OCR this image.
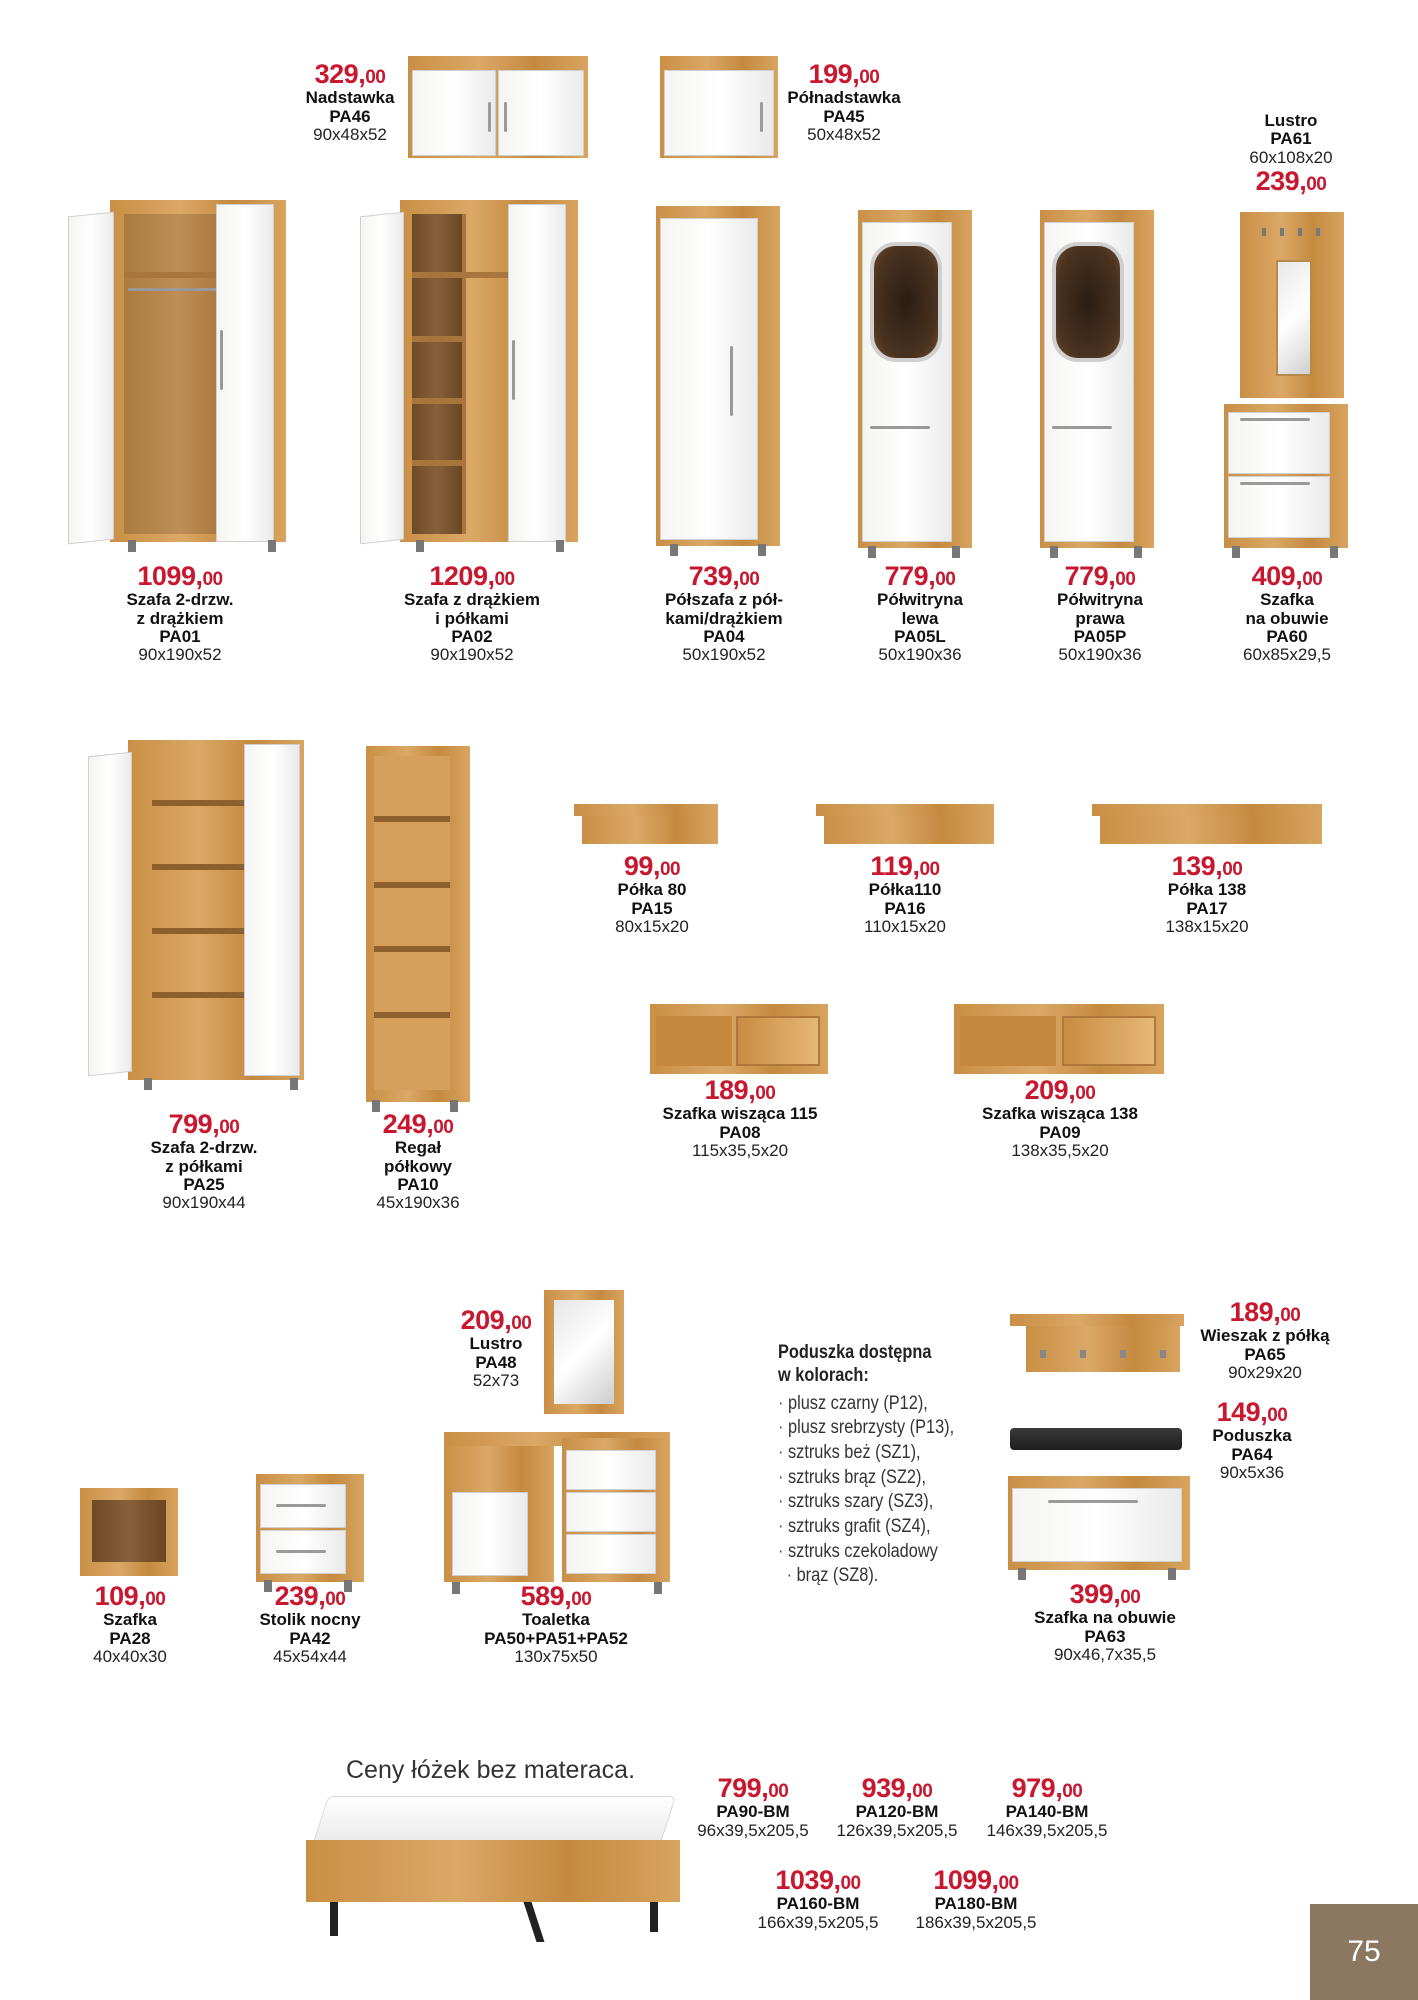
329,00
Nadstawka
PA46
90x48x52
199,00
Półnadstawka
PA45
50x48x52
Lustro
PA61
60x108x20
239,00
1099,00
Szafa 2-drzw.
z drążkiem
PA01
90x190x52
1209,00
Szafa z drążkiem
i półkami
PA02
90x190x52
739,00
Półszafa z pół-
kami/drążkiem
PA04
50x190x52
779,00
Półwitryna
lewa
PA05L
50x190x36
779,00
Półwitryna
prawa
PA05P
50x190x36
409,00
Szafka
na obuwie
PA60
60x85x29,5
799,00
Szafa 2-drzw.
z półkami
PA25
90x190x44
249,00
Regał
półkowy
PA10
45x190x36
99,00
Półka 80
PA15
80x15x20
119,00
Półka110
PA16
110x15x20
139,00
Półka 138
PA17
138x15x20
189,00
Szafka wisząca 115
PA08
115x35,5x20
209,00
Szafka wisząca 138
PA09
138x35,5x20
209,00
Lustro
PA48
52x73
Poduszka dostępna
w kolorach:
· plusz czarny (P12),
· plusz srebrzysty (P13),
· sztruks beż (SZ1),
· sztruks brąz (SZ2),
· sztruks szary (SZ3),
· sztruks grafit (SZ4),
· sztruks czekoladowy
· brąz (SZ8).
189,00
Wieszak z półką
PA65
90x29x20
149,00
Poduszka
PA64
90x5x36
109,00
Szafka
PA28
40x40x30
239,00
Stolik nocny
PA42
45x54x44
589,00
Toaletka
PA50+PA51+PA52
130x75x50
399,00
Szafka na obuwie
PA63
90x46,7x35,5
Ceny łóżek bez materaca.
799,00
PA90-BM
96x39,5x205,5
939,00
PA120-BM
126x39,5x205,5
979,00
PA140-BM
146x39,5x205,5
1039,00
PA160-BM
166x39,5x205,5
1099,00
PA180-BM
186x39,5x205,5
75
